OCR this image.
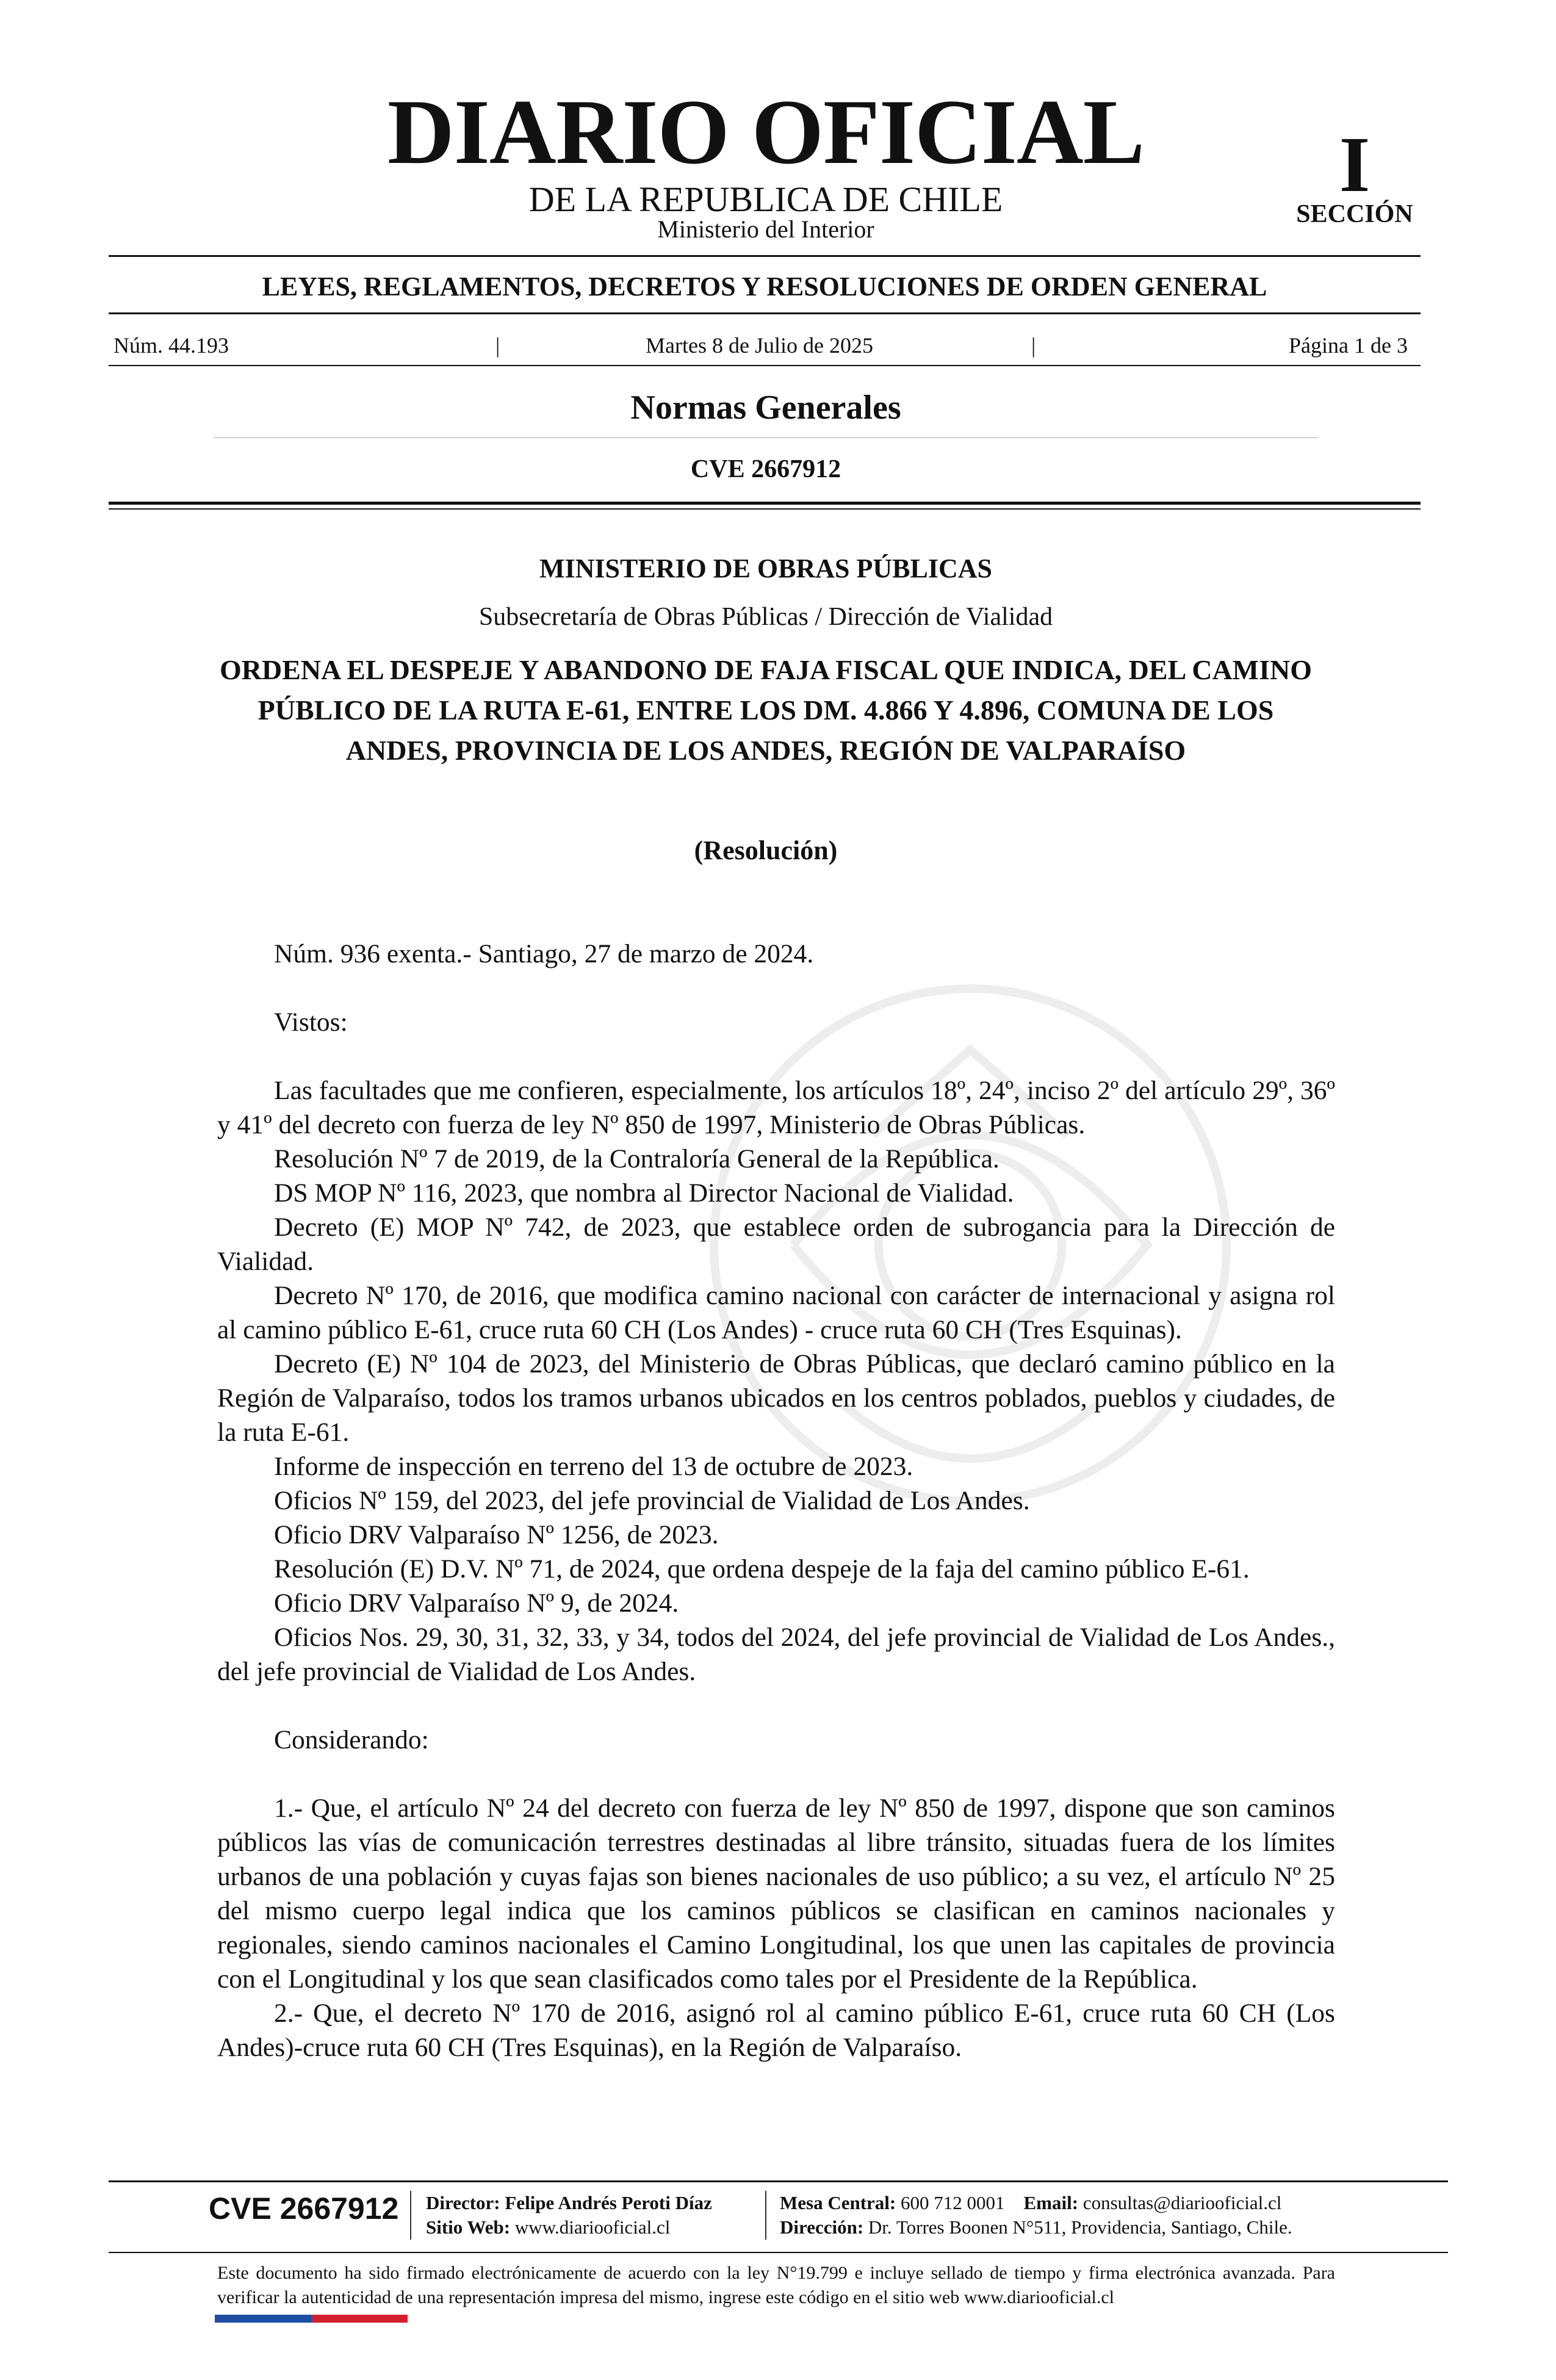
DIARIO OFICIAL
DE LA REPUBLICA DE CHILE
Ministerio del Interior
I
SECCIÓN
LEYES, REGLAMENTOS, DECRETOS Y RESOLUCIONES DE ORDEN GENERAL
Núm. 44.193	|	Martes 8 de Julio de 2025	|	Página 1 de 3
Normas Generales
CVE 2667912
MINISTERIO DE OBRAS PÚBLICAS
Subsecretaría de Obras Públicas / Dirección de Vialidad
ORDENA EL DESPEJE Y ABANDONO DE FAJA FISCAL QUE INDICA, DEL CAMINO PÚBLICO DE LA RUTA E-61, ENTRE LOS DM. 4.866 Y 4.896, COMUNA DE LOS ANDES, PROVINCIA DE LOS ANDES, REGIÓN DE VALPARAÍSO
(Resolución)

Núm. 936 exenta.- Santiago, 27 de marzo de 2024.

Vistos:

Las facultades que me confieren, especialmente, los artículos 18º, 24º, inciso 2º del artículo 29º, 36º y 41º del decreto con fuerza de ley Nº 850 de 1997, Ministerio de Obras Públicas.

Resolución Nº 7 de 2019, de la Contraloría General de la República.

DS MOP Nº 116, 2023, que nombra al Director Nacional de Vialidad.

Decreto (E) MOP Nº 742, de 2023, que establece orden de subrogancia para la Dirección de Vialidad.

Decreto Nº 170, de 2016, que modifica camino nacional con carácter de internacional y asigna rol al camino público E-61, cruce ruta 60 CH (Los Andes) - cruce ruta 60 CH (Tres Esquinas).

Decreto (E) Nº 104 de 2023, del Ministerio de Obras Públicas, que declaró camino público en la Región de Valparaíso, todos los tramos urbanos ubicados en los centros poblados, pueblos y ciudades, de la ruta E-61.

Informe de inspección en terreno del 13 de octubre de 2023.

Oficios Nº 159, del 2023, del jefe provincial de Vialidad de Los Andes.

Oficio DRV Valparaíso Nº 1256, de 2023.

Resolución (E) D.V. Nº 71, de 2024, que ordena despeje de la faja del camino público E-61.

Oficio DRV Valparaíso Nº 9, de 2024.

Oficios Nos. 29, 30, 31, 32, 33, y 34, todos del 2024, del jefe provincial de Vialidad de Los Andes., del jefe provincial de Vialidad de Los Andes.

Considerando:

1.- Que, el artículo Nº 24 del decreto con fuerza de ley Nº 850 de 1997, dispone que son caminos públicos las vías de comunicación terrestres destinadas al libre tránsito, situadas fuera de los límites urbanos de una población y cuyas fajas son bienes nacionales de uso público; a su vez, el artículo Nº 25 del mismo cuerpo legal indica que los caminos públicos se clasifican en caminos nacionales y regionales, siendo caminos nacionales el Camino Longitudinal, los que unen las capitales de provincia con el Longitudinal y los que sean clasificados como tales por el Presidente de la República.

2.- Que, el decreto Nº 170 de 2016, asignó rol al camino público E-61, cruce ruta 60 CH (Los Andes)-cruce ruta 60 CH (Tres Esquinas), en la Región de Valparaíso.

CVE 2667912 Director: Felipe Andrés Peroti Díaz
Sitio Web: www.diariooficial.cl
Mesa Central: 600 712 0001 Email: consultas@diariooficial.cl
Dirección: Dr. Torres Boonen N°511, Providencia, Santiago, Chile.
Este documento ha sido firmado electrónicamente de acuerdo con la ley N°19.799 e incluye sellado de tiempo y firma electrónica avanzada. Para verificar la autenticidad de una representación impresa del mismo, ingrese este código en el sitio web www.diariooficial.cl
